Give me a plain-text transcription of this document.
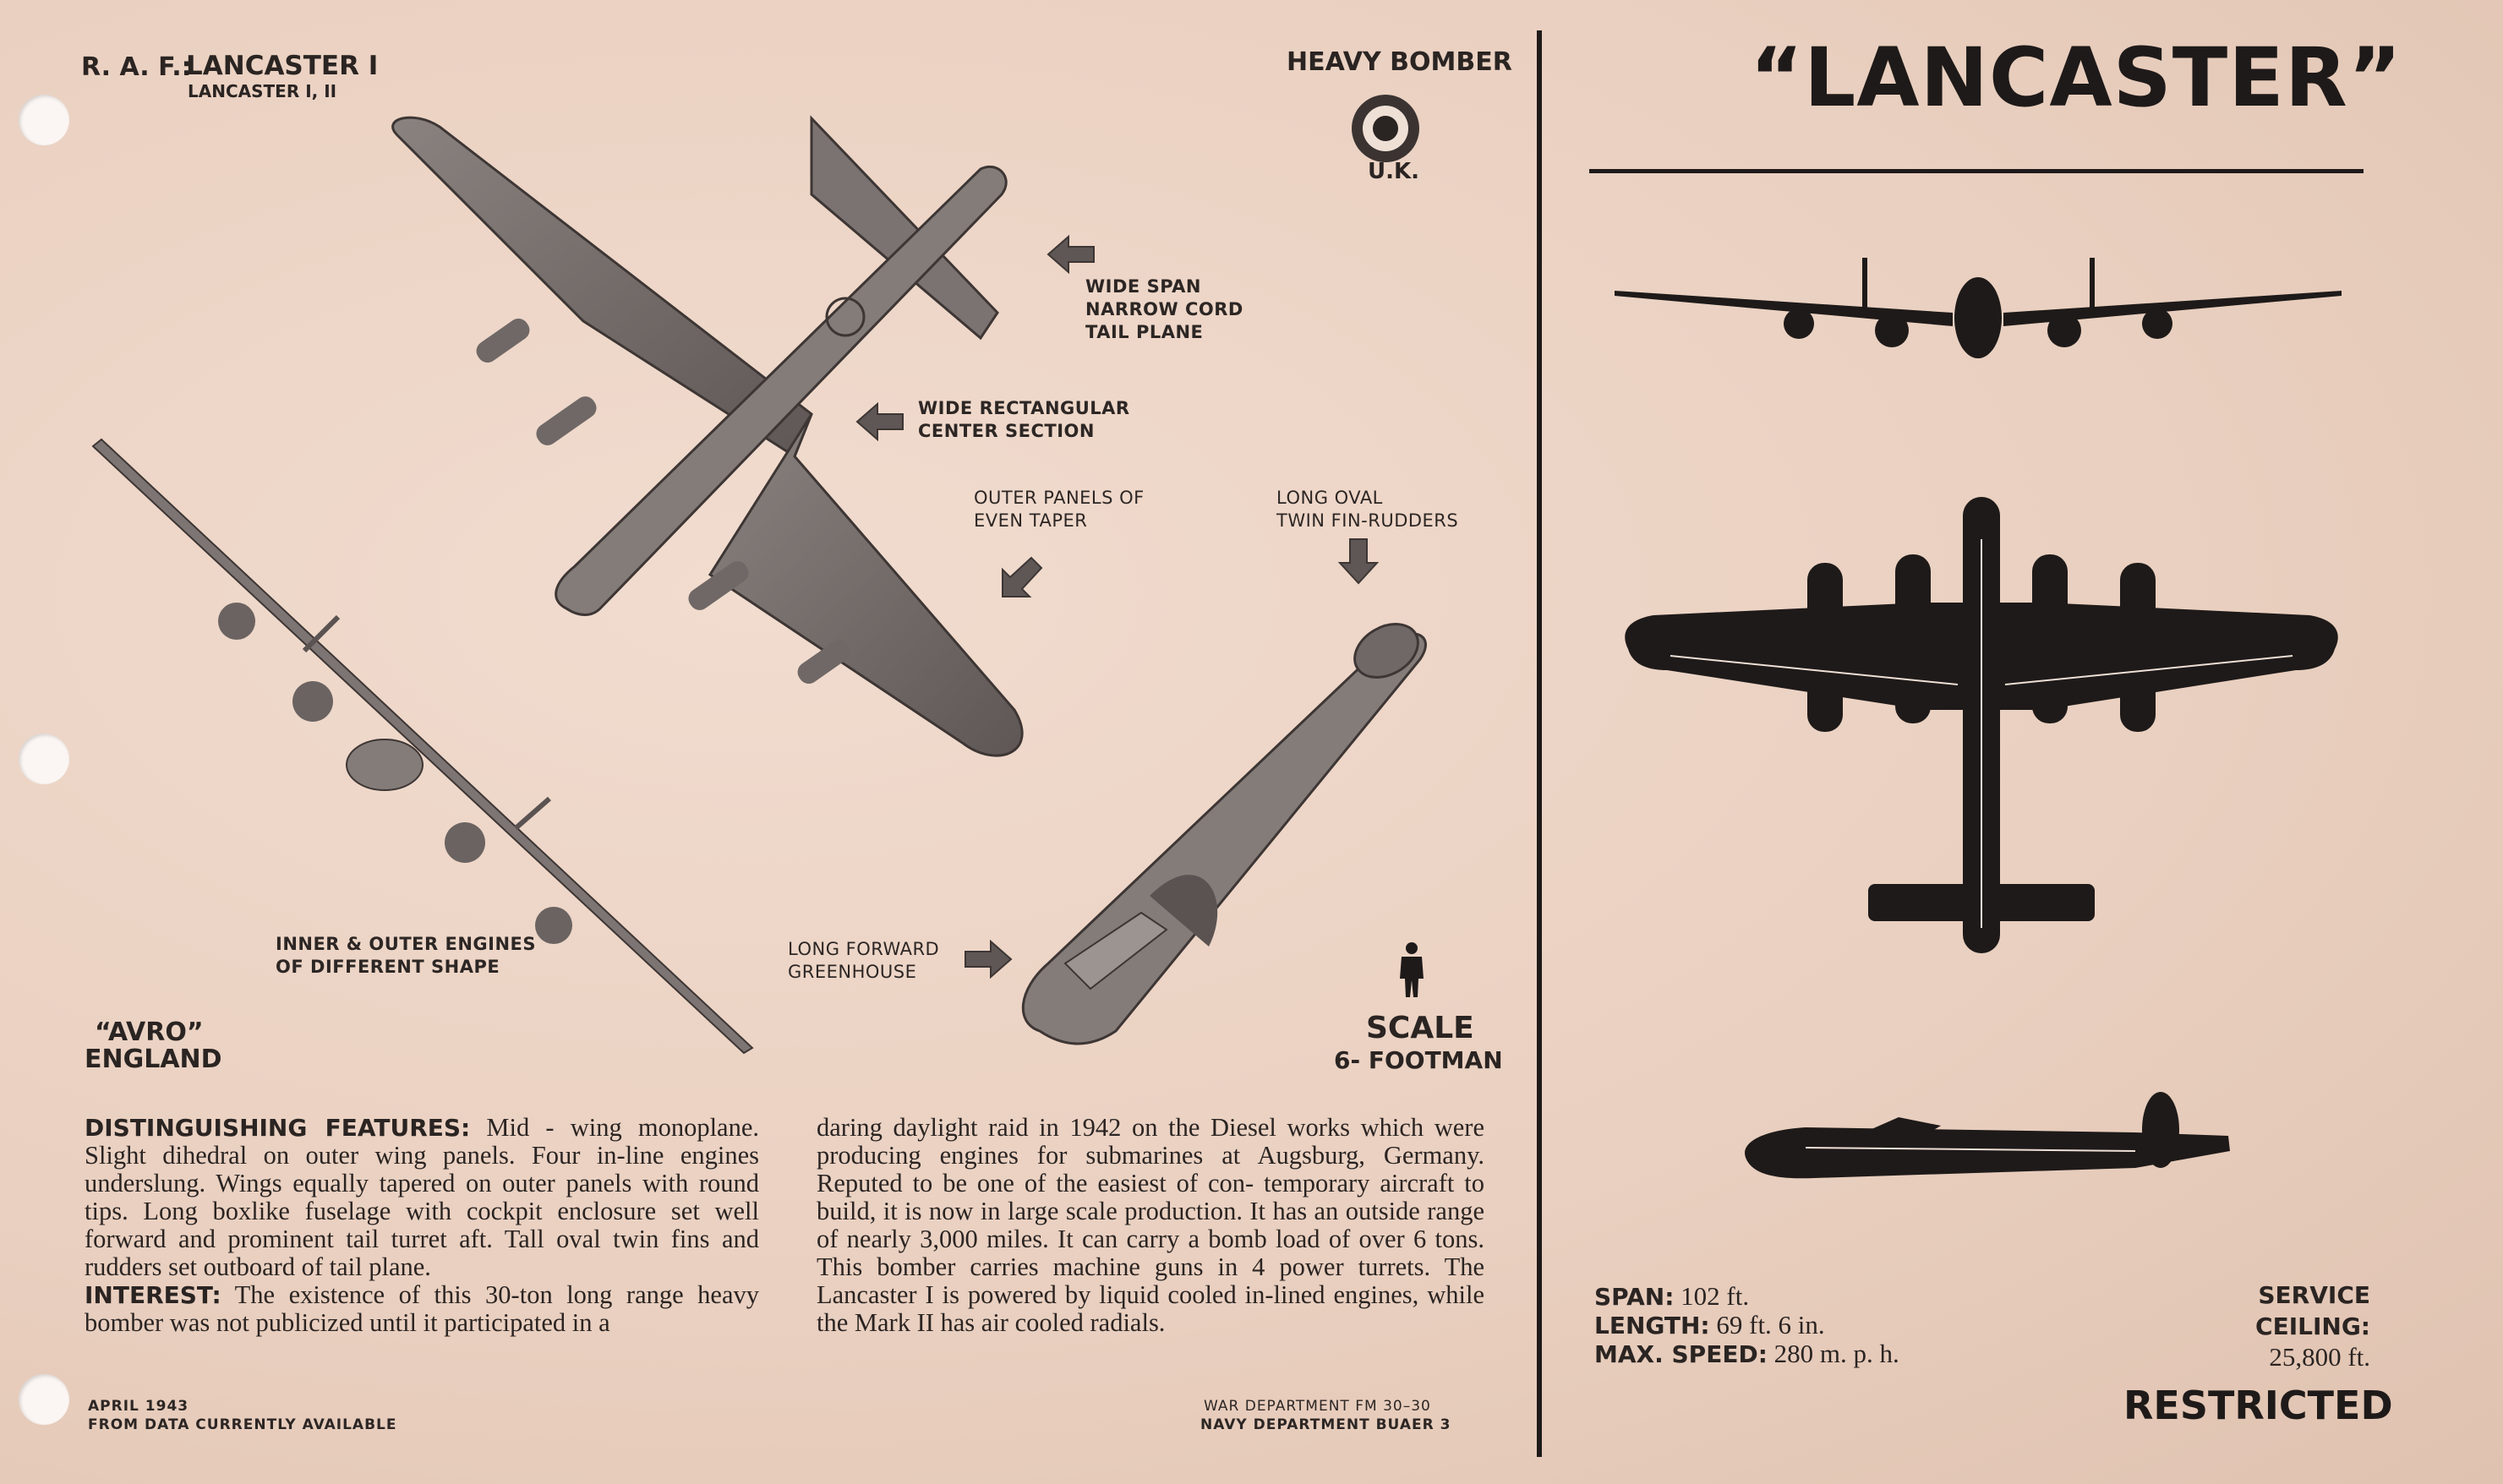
R. A. F.:
LANCASTER I
LANCASTER I, II
HEAVY BOMBER
U.K.
WIDE SPAN
NARROW CORD
TAIL PLANE
WIDE RECTANGULAR
CENTER SECTION
OUTER PANELS OF
EVEN TAPER
LONG OVAL
TWIN FIN-RUDDERS
INNER & OUTER ENGINES
OF DIFFERENT SHAPE
LONG FORWARD
GREENHOUSE
“AVRO”
ENGLAND
SCALE
6- FOOTMAN
DISTINGUISHING FEATURES: Mid - wing monoplane. Slight dihedral on outer wing panels. Four in-line engines underslung. Wings equally tapered on outer panels with round tips. Long boxlike fuselage with cockpit enclosure set well forward and prominent tail turret aft. Tall oval twin fins and rudders set outboard of tail plane.
INTEREST: The existence of this 30-ton long range heavy bomber was not publicized until it participated in a
daring daylight raid in 1942 on the Diesel works which were producing engines for submarines at Augsburg, Germany. Reputed to be one of the easiest of con- temporary aircraft to build, it is now in large scale production. It has an outside range of nearly 3,000 miles. It can carry a bomb load of over 6 tons. This bomber carries machine guns in 4 power turrets. The Lancaster I is powered by liquid cooled in-lined engines, while the Mark II has air cooled radials.
APRIL 1943
FROM DATA CURRENTLY AVAILABLE
WAR DEPARTMENT FM 30–30
NAVY DEPARTMENT BUAER 3
“LANCASTER”
SPAN: 102 ft.
LENGTH: 69 ft. 6 in.
MAX. SPEED: 280 m. p. h.
SERVICE CEILING:
25,800 ft.
RESTRICTED
